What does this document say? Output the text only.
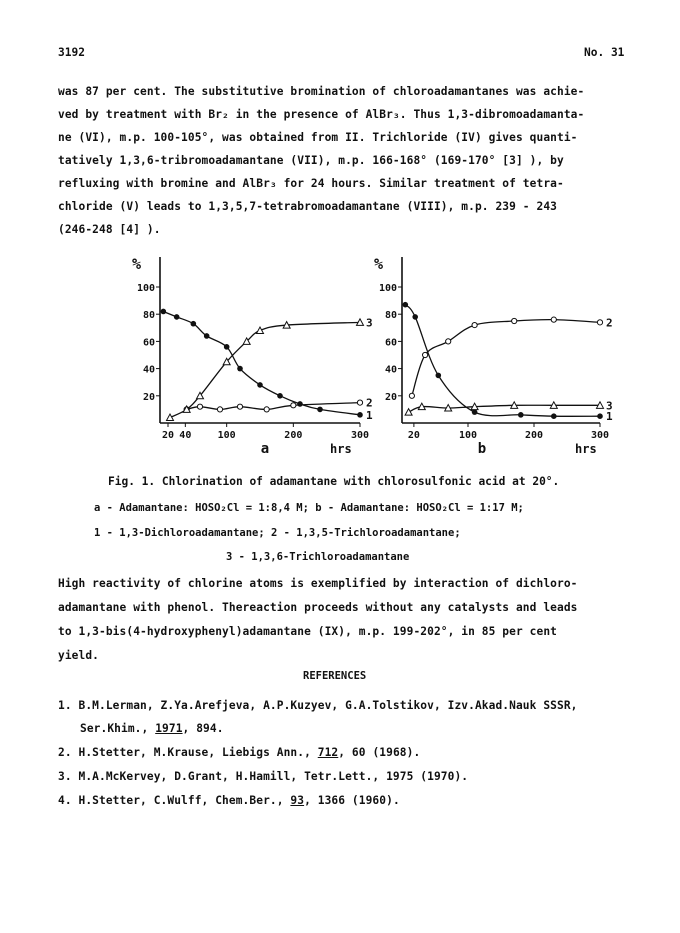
3192	No. 31
was 87 per cent. The substitutive bromination of chloroadamantanes was achie-
ved by treatment with Br₂ in the presence of AlBr₃. Thus 1,3-dibromoadamanta-
ne (VI), m.p. 100-105°, was obtained from II. Trichloride (IV) gives quanti-
tatively 1,3,6-tribromoadamantane (VII), m.p. 166-168° (169-170° [3] ), by
refluxing with bromine and AlBr₃ for 24 hours. Similar treatment of tetra-
chloride (V) leads to 1,3,5,7-tetrabromoadamantane (VIII), m.p. 239 - 243
(246-248 [4] ).
%
20
40
60
80
100
20 40	100	200	300
a	hrs
1
2
3
%
20
40
60
80
100
20	100	200	300
b	hrs
1
2
3
Fig. 1. Chlorination of adamantane with chlorosulfonic acid at 20°.
a - Adamantane: HOSO₂Cl = 1:8,4 M; b - Adamantane: HOSO₂Cl = 1:17 M;
1 - 1,3-Dichloroadamantane; 2 - 1,3,5-Trichloroadamantane;
3 - 1,3,6-Trichloroadamantane
High reactivity of chlorine atoms is exemplified by interaction of dichloro-
adamantane with phenol. Thereaction proceeds without any catalysts and leads
to 1,3-bis(4-hydroxyphenyl)adamantane (IX), m.p. 199-202°, in 85 per cent
yield.
REFERENCES
1. B.M.Lerman, Z.Ya.Arefjeva, A.P.Kuzyev, G.A.Tolstikov, Izv.Akad.Nauk SSSR,
Ser.Khim., 1971, 894.
2. H.Stetter, M.Krause, Liebigs Ann., 712, 60 (1968).
3. M.A.McKervey, D.Grant, H.Hamill, Tetr.Lett., 1975 (1970).
4. H.Stetter, C.Wulff, Chem.Ber., 93, 1366 (1960).
